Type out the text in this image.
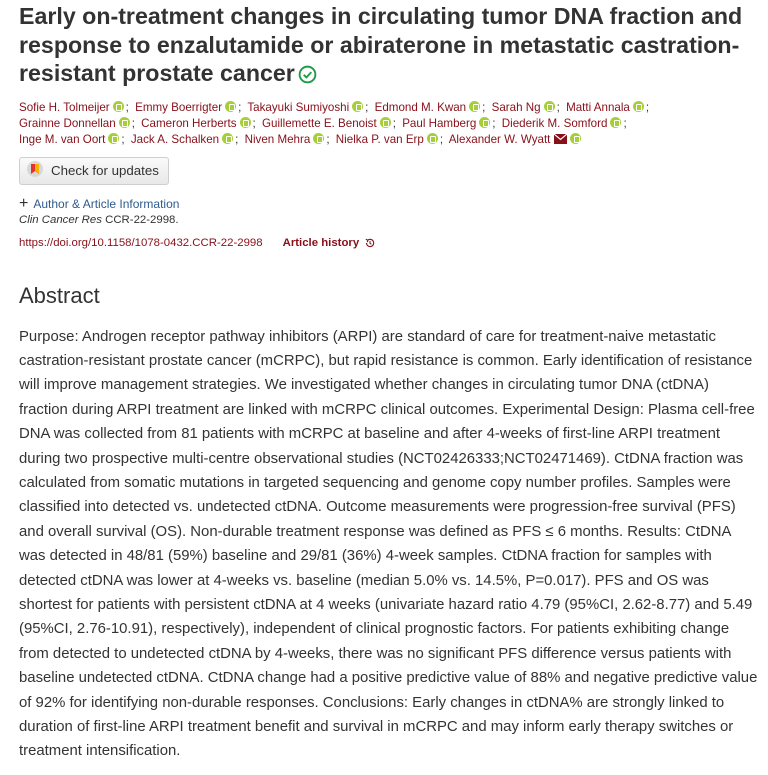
Early on-treatment changes in circulating tumor DNA fraction and response to enzalutamide or abiraterone in metastatic castration-resistant prostate cancer
Sofie H. Tolmeijer ; Emmy Boerrigter ; Takayuki Sumiyoshi ; Edmond M. Kwan ; Sarah Ng ; Matti Annala ;
Grainne Donnellan ; Cameron Herberts ; Guillemette E. Benoist ; Paul Hamberg ; Diederik M. Somford ;
Inge M. van Oort ; Jack A. Schalken ; Niven Mehra ; Nielka P. van Erp ; Alexander W. Wyatt
Check for updates
+ Author & Article Information
Clin Cancer Res CCR-22-2998.
https://doi.org/10.1158/1078-0432.CCR-22-2998 Article history
Abstract
Purpose: Androgen receptor pathway inhibitors (ARPI) are standard of care for treatment-naive metastatic castration-resistant prostate cancer (mCRPC), but rapid resistance is common. Early identification of resistance will improve management strategies. We investigated whether changes in circulating tumor DNA (ctDNA) fraction during ARPI treatment are linked with mCRPC clinical outcomes. Experimental Design: Plasma cell-free DNA was collected from 81 patients with mCRPC at baseline and after 4-weeks of first-line ARPI treatment during two prospective multi-centre observational studies (NCT02426333;NCT02471469). CtDNA fraction was calculated from somatic mutations in targeted sequencing and genome copy number profiles. Samples were classified into detected vs. undetected ctDNA. Outcome measurements were progression-free survival (PFS) and overall survival (OS). Non-durable treatment response was defined as PFS ≤ 6 months. Results: CtDNA was detected in 48/81 (59%) baseline and 29/81 (36%) 4-week samples. CtDNA fraction for samples with detected ctDNA was lower at 4-weeks vs. baseline (median 5.0% vs. 14.5%, P=0.017). PFS and OS was shortest for patients with persistent ctDNA at 4 weeks (univariate hazard ratio 4.79 (95%CI, 2.62-8.77) and 5.49 (95%CI, 2.76-10.91), respectively), independent of clinical prognostic factors. For patients exhibiting change from detected to undetected ctDNA by 4-weeks, there was no significant PFS difference versus patients with baseline undetected ctDNA. CtDNA change had a positive predictive value of 88% and negative predictive value of 92% for identifying non-durable responses. Conclusions: Early changes in ctDNA% are strongly linked to duration of first-line ARPI treatment benefit and survival in mCRPC and may inform early therapy switches or treatment intensification.
